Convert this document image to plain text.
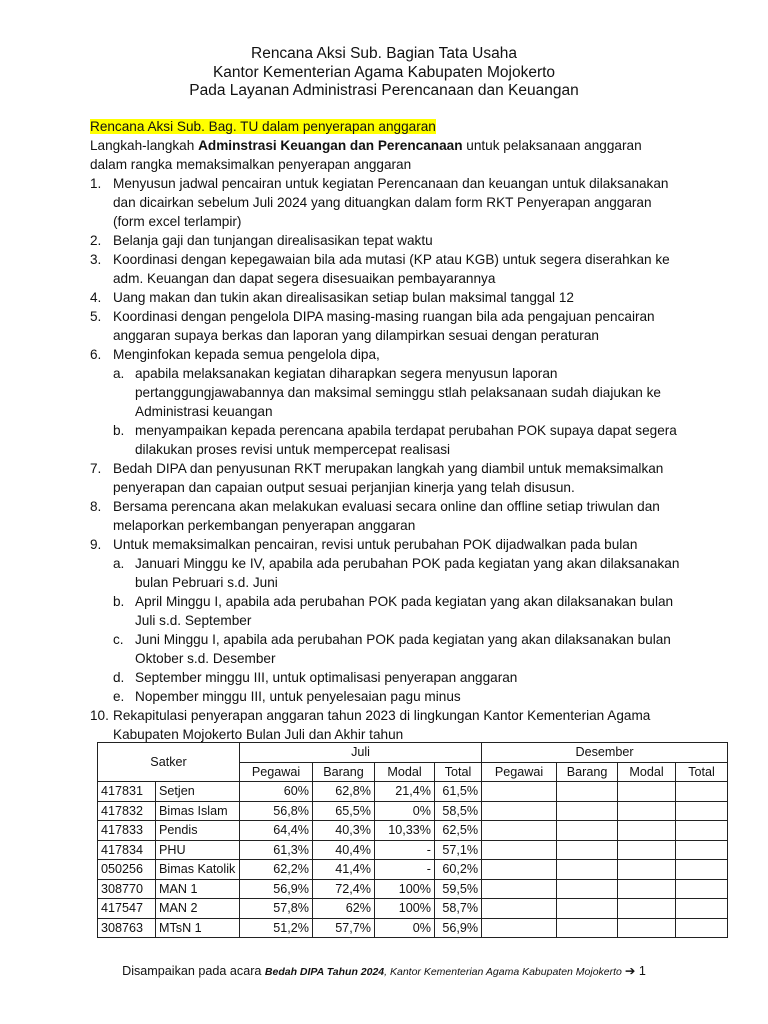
Rencana Aksi Sub. Bagian Tata Usaha
Kantor Kementerian Agama Kabupaten Mojokerto
Pada Layanan Administrasi Perencanaan dan Keuangan

Rencana Aksi Sub. Bag. TU dalam penyerapan anggaran

Langkah-langkah Adminstrasi Keuangan dan Perencanaan untuk pelaksanaan anggaran dalam rangka memaksimalkan penyerapan anggaran

1. Menyusun jadwal pencairan untuk kegiatan Perencanaan dan keuangan untuk dilaksanakan dan dicairkan sebelum Juli 2024 yang dituangkan dalam form RKT Penyerapan anggaran (form excel terlampir)
2. Belanja gaji dan tunjangan direalisasikan tepat waktu
3. Koordinasi dengan kepegawaian bila ada mutasi (KP atau KGB) untuk segera diserahkan ke adm. Keuangan dan dapat segera disesuaikan pembayarannya
4. Uang makan dan tukin akan direalisasikan setiap bulan maksimal tanggal 12
5. Koordinasi dengan pengelola DIPA masing-masing ruangan bila ada pengajuan pencairan anggaran supaya berkas dan laporan yang dilampirkan sesuai dengan peraturan
6. Menginfokan kepada semua pengelola dipa,
a. apabila melaksanakan kegiatan diharapkan segera menyusun laporan pertanggungjawabannya dan maksimal seminggu stlah pelaksanaan sudah diajukan ke Administrasi keuangan
b. menyampaikan kepada perencana apabila terdapat perubahan POK supaya dapat segera dilakukan proses revisi untuk mempercepat realisasi
7. Bedah DIPA dan penyusunan RKT merupakan langkah yang diambil untuk memaksimalkan penyerapan dan capaian output sesuai perjanjian kinerja yang telah disusun.
8. Bersama perencana akan melakukan evaluasi secara online dan offline setiap triwulan dan melaporkan perkembangan penyerapan anggaran
9. Untuk memaksimalkan pencairan, revisi untuk perubahan POK dijadwalkan pada bulan
a. Januari Minggu ke IV, apabila ada perubahan POK pada kegiatan yang akan dilaksanakan bulan Pebruari s.d. Juni
b. April Minggu I, apabila ada perubahan POK pada kegiatan yang akan dilaksanakan bulan Juli s.d. September
c. Juni Minggu I, apabila ada perubahan POK pada kegiatan yang akan dilaksanakan bulan Oktober s.d. Desember
d. September minggu III, untuk optimalisasi penyerapan anggaran
e. Nopember minggu III, untuk penyelesaian pagu minus
10. Rekapitulasi penyerapan anggaran tahun 2023 di lingkungan Kantor Kementerian Agama Kabupaten Mojokerto Bulan Juli dan Akhir tahun
Satker		Juli				Desember			
		Pegawai	Barang	Modal	Total	Pegawai	Barang	Modal	Total
417831	Setjen	60%	62,8%	21,4%	61,5%				
417832	Bimas Islam	56,8%	65,5%	0%	58,5%				
417833	Pendis	64,4%	40,3%	10,33%	62,5%				
417834	PHU	61,3%	40,4%	-	57,1%				
050256	Bimas Katolik	62,2%	41,4%	-	60,2%				
308770	MAN 1	56,9%	72,4%	100%	59,5%				
417547	MAN 2	57,8%	62%	100%	58,7%				
308763	MTsN 1	51,2%	57,7%	0%	56,9%				
Disampaikan pada acara Bedah DIPA Tahun 2024, Kantor Kementerian Agama Kabupaten Mojokerto ➔ 1
